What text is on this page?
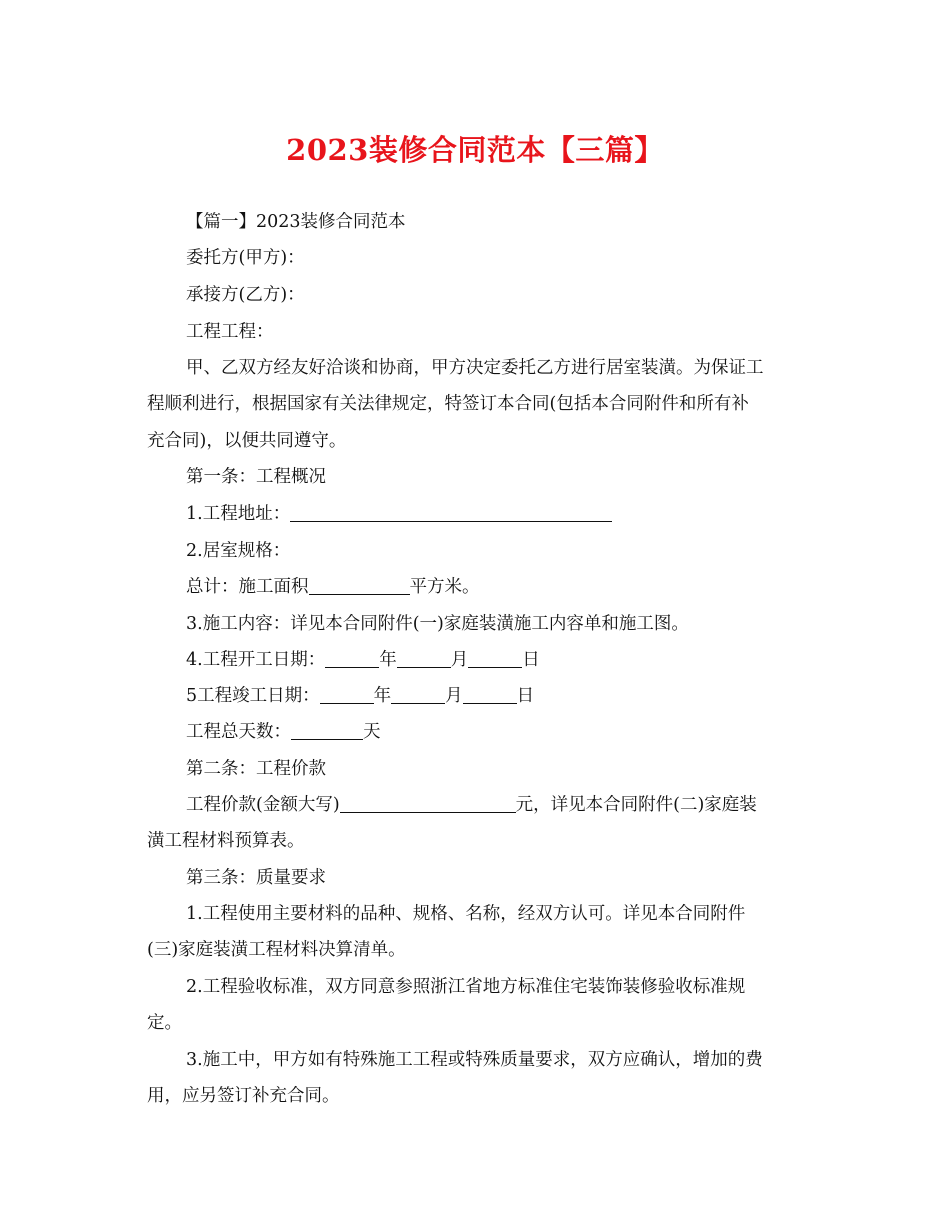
2023装修合同范本【三篇】
【篇一】2023装修合同范本
委托方(甲方)：
承接方(乙方)：
工程工程：
甲、乙双方经友好洽谈和协商，甲方决定委托乙方进行居室装潢。为保证工
程顺利进行，根据国家有关法律规定，特签订本合同(包括本合同附件和所有补
充合同)，以便共同遵守。
第一条：工程概况
1.工程地址：
2.居室规格：
总计：施工面积	平方米。
3.施工内容：详见本合同附件(一)家庭装潢施工内容单和施工图。
4.工程开工日期：	年	月	日
5工程竣工日期：	年	月	日
工程总天数：	天
第二条：工程价款
工程价款(金额大写)	元，详见本合同附件(二)家庭装
潢工程材料预算表。
第三条：质量要求
1.工程使用主要材料的品种、规格、名称，经双方认可。详见本合同附件
(三)家庭装潢工程材料决算清单。
2.工程验收标准，双方同意参照浙江省地方标准住宅装饰装修验收标准规
定。
3.施工中，甲方如有特殊施工工程或特殊质量要求，双方应确认，增加的费
用，应另签订补充合同。
